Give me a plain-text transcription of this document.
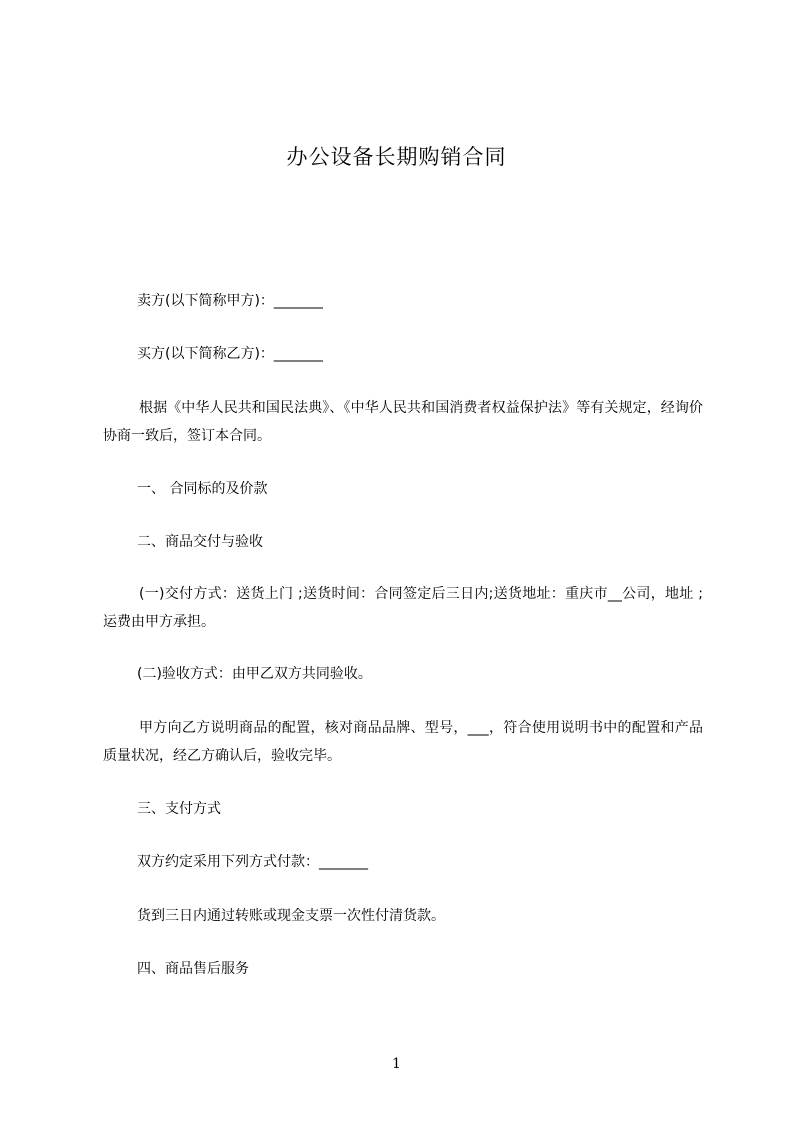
办公设备长期购销合同
卖方(以下简称甲方)：_______
买方(以下简称乙方)：_______
根据《中华人民共和国民法典》、《中华人民共和国消费者权益保护法》等有关规定，经询价协商一致后，签订本合同。
一、 合同标的及价款
二、商品交付与验收
(一)交付方式：送货上门 ;送货时间：合同签定后三日内;送货地址：重庆市__公司，地址 ;运费由甲方承担。
(二)验收方式：由甲乙双方共同验收。
甲方向乙方说明商品的配置，核对商品品牌、型号，___，符合使用说明书中的配置和产品质量状况，经乙方确认后，验收完毕。
三、支付方式
双方约定采用下列方式付款：_______
货到三日内通过转账或现金支票一次性付清货款。
四、商品售后服务
1
